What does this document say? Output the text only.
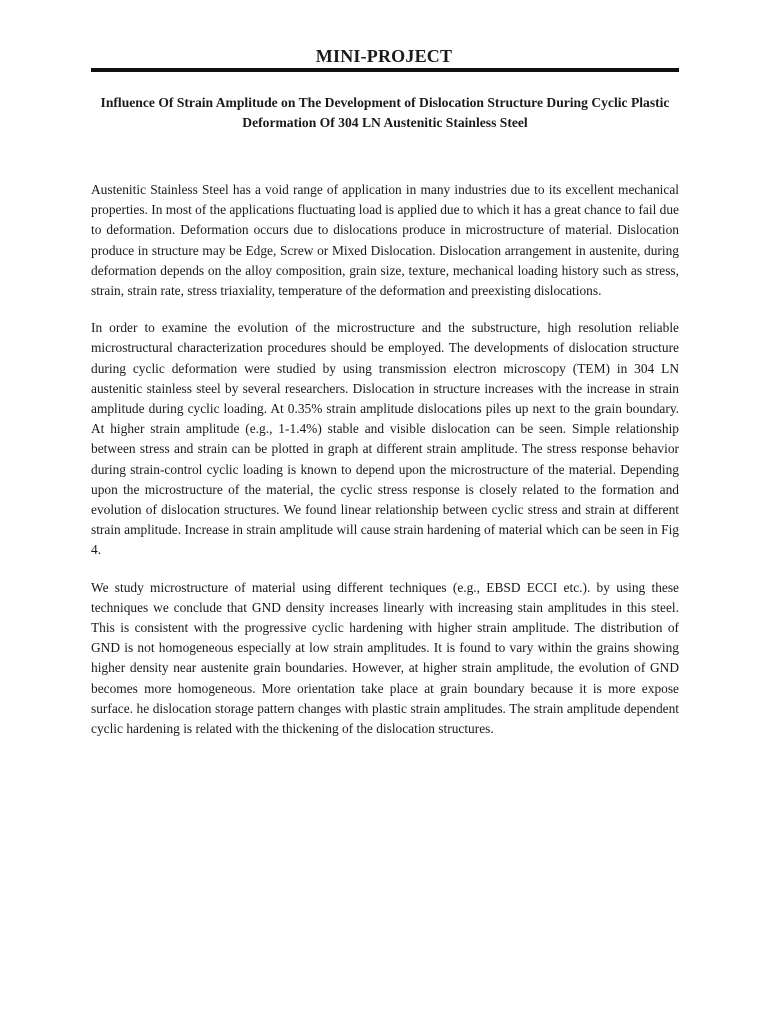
MINI-PROJECT
Influence Of Strain Amplitude on The Development of Dislocation Structure During Cyclic Plastic Deformation Of 304 LN Austenitic Stainless Steel

Austenitic Stainless Steel has a void range of application in many industries due to its excellent mechanical properties. In most of the applications fluctuating load is applied due to which it has a great chance to fail due to deformation. Deformation occurs due to dislocations produce in microstructure of material. Dislocation produce in structure may be Edge, Screw or Mixed Dislocation. Dislocation arrangement in austenite, during deformation depends on the alloy composition, grain size, texture, mechanical loading history such as stress, strain, strain rate, stress triaxiality, temperature of the deformation and preexisting dislocations.

In order to examine the evolution of the microstructure and the substructure, high resolution reliable microstructural characterization procedures should be employed. The developments of dislocation structure during cyclic deformation were studied by using transmission electron microscopy (TEM) in 304 LN austenitic stainless steel by several researchers. Dislocation in structure increases with the increase in strain amplitude during cyclic loading. At 0.35% strain amplitude dislocations piles up next to the grain boundary. At higher strain amplitude (e.g., 1-1.4%) stable and visible dislocation can be seen. Simple relationship between stress and strain can be plotted in graph at different strain amplitude. The stress response behavior during strain-control cyclic loading is known to depend upon the microstructure of the material. Depending upon the microstructure of the material, the cyclic stress response is closely related to the formation and evolution of dislocation structures. We found linear relationship between cyclic stress and strain at different strain amplitude. Increase in strain amplitude will cause strain hardening of material which can be seen in Fig 4.

We study microstructure of material using different techniques (e.g., EBSD ECCI etc.). by using these techniques we conclude that GND density increases linearly with increasing stain amplitudes in this steel. This is consistent with the progressive cyclic hardening with higher strain amplitude. The distribution of GND is not homogeneous especially at low strain amplitudes. It is found to vary within the grains showing higher density near austenite grain boundaries. However, at higher strain amplitude, the evolution of GND becomes more homogeneous. More orientation take place at grain boundary because it is more expose surface. he dislocation storage pattern changes with plastic strain amplitudes. The strain amplitude dependent cyclic hardening is related with the thickening of the dislocation structures.
